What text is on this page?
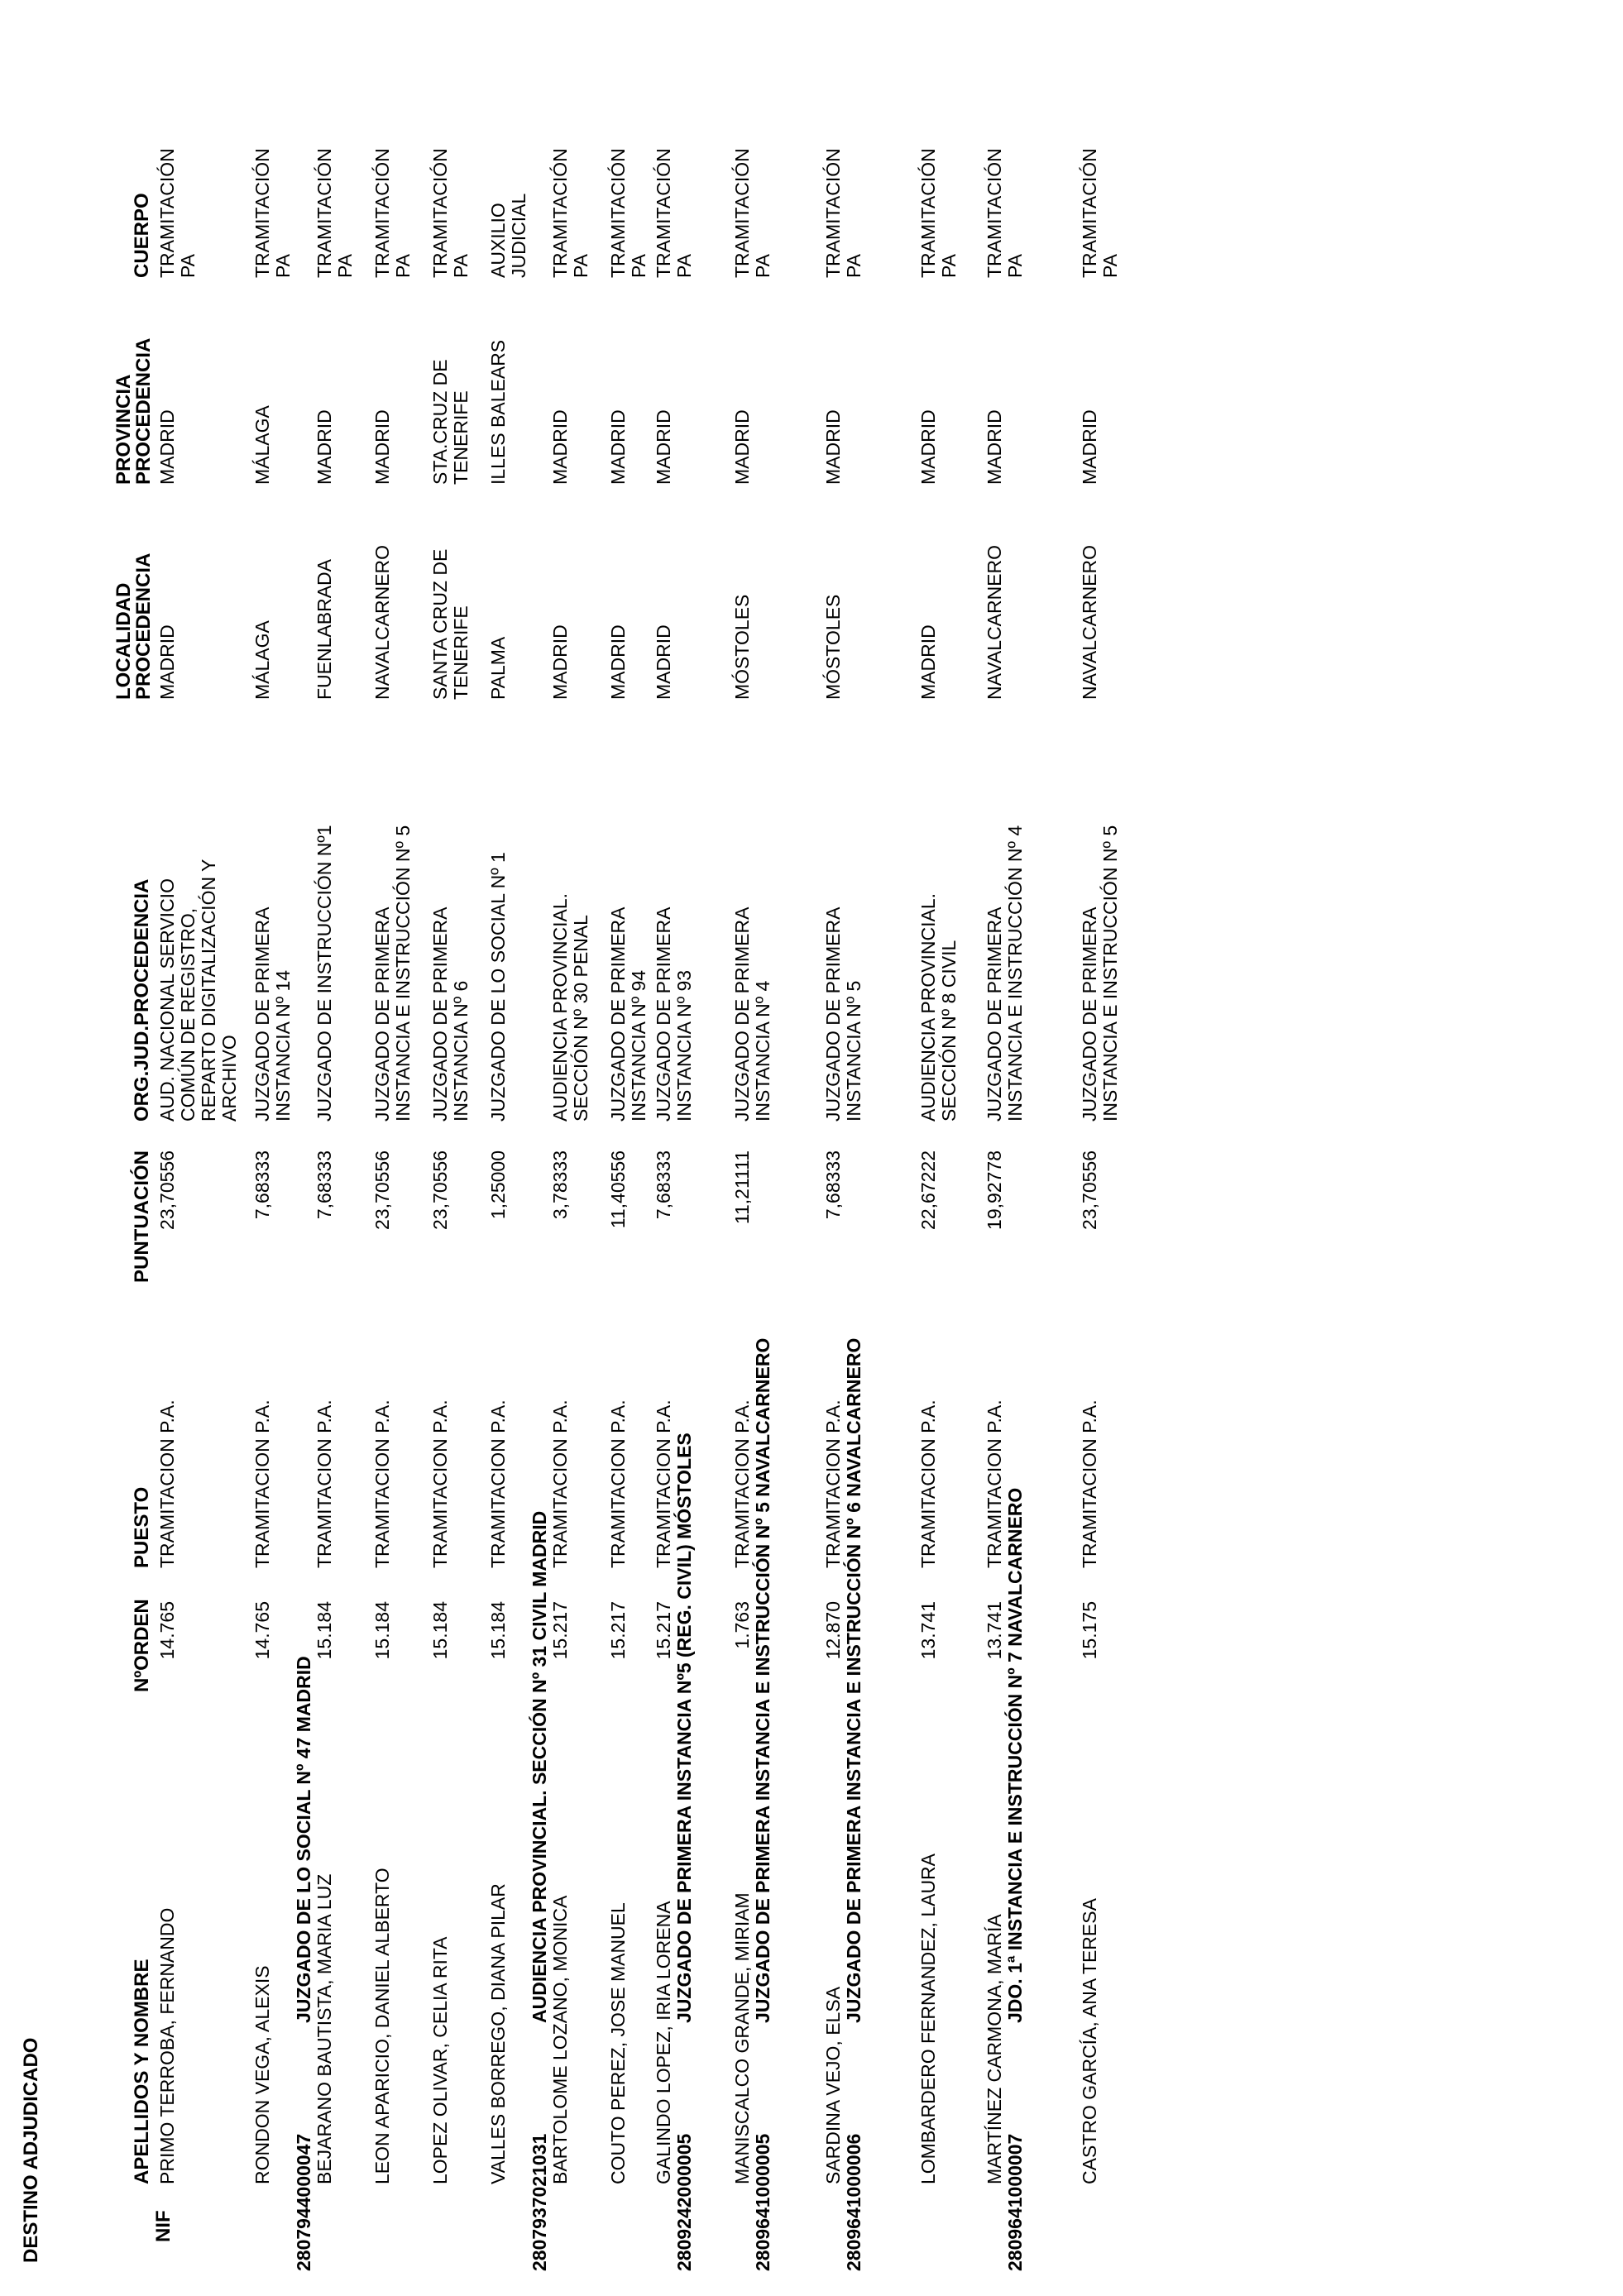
DESTINO ADJUDICADO	NIF
APELLIDOS Y NOMBRE
NºORDEN
PUESTO
PUNTUACIÓN
ORG.JUD.PROCEDENCIA
LOCALIDAD
PROCEDENCIA
PROVINCIA
PROCEDENCIA
CUERPO
PRIMO TERROBA, FERNANDO
14.765
TRAMITACION P.A.
23,70556
AUD. NACIONAL SERVICIO
COMÚN DE REGISTRO,
REPARTO DIGITALIZACIÓN Y
ARCHIVO
MADRID
MADRID
TRAMITACIÓN
PA
RONDON VEGA, ALEXIS
14.765
TRAMITACION P.A.
7,68333
JUZGADO DE PRIMERA
INSTANCIA Nº 14
MÁLAGA
MÁLAGA
TRAMITACIÓN
PA
2807944000047
JUZGADO DE LO SOCIAL Nº 47 MADRID
BEJARANO BAUTISTA, MARIA LUZ
15.184
TRAMITACION P.A.
7,68333
JUZGADO DE INSTRUCCIÓN Nº1
FUENLABRADA
MADRID
TRAMITACIÓN
PA
LEON APARICIO, DANIEL ALBERTO
15.184
TRAMITACION P.A.
23,70556
JUZGADO DE PRIMERA
INSTANCIA E INSTRUCCIÓN Nº 5
NAVALCARNERO
MADRID
TRAMITACIÓN
PA
LOPEZ OLIVAR, CELIA RITA
15.184
TRAMITACION P.A.
23,70556
JUZGADO DE PRIMERA
INSTANCIA Nº 6
SANTA CRUZ DE
TENERIFE
STA.CRUZ DE
TENERIFE
TRAMITACIÓN
PA
VALLES BORREGO, DIANA PILAR
15.184
TRAMITACION P.A.
1,25000
JUZGADO DE LO SOCIAL Nº 1
PALMA
ILLES BALEARS
AUXILIO
JUDICIAL
2807937021031
AUDIENCIA PROVINCIAL. SECCIÓN Nº 31 CIVIL MADRID
BARTOLOME LOZANO, MONICA
15.217
TRAMITACION P.A.
3,78333
AUDIENCIA PROVINCIAL.
SECCIÓN Nº 30 PENAL
MADRID
MADRID
TRAMITACIÓN
PA
COUTO PEREZ, JOSE MANUEL
15.217
TRAMITACION P.A.
11,40556
JUZGADO DE PRIMERA
INSTANCIA Nº 94
MADRID
MADRID
TRAMITACIÓN
PA
GALINDO LOPEZ, IRIA LORENA
15.217
TRAMITACION P.A.
7,68333
JUZGADO DE PRIMERA
INSTANCIA Nº 93
MADRID
MADRID
TRAMITACIÓN
PA
2809242000005
JUZGADO DE PRIMERA INSTANCIA Nº5 (REG. CIVIL) MÓSTOLES
MANISCALCO GRANDE, MIRIAM
1.763
TRAMITACION P.A.
11,21111
JUZGADO DE PRIMERA
INSTANCIA Nº 4
MÓSTOLES
MADRID
TRAMITACIÓN
PA
2809641000005
JUZGADO DE PRIMERA INSTANCIA E INSTRUCCIÓN Nº 5 NAVALCARNERO
SARDINA VEJO, ELSA
12.870
TRAMITACION P.A.
7,68333
JUZGADO DE PRIMERA
INSTANCIA Nº 5
MÓSTOLES
MADRID
TRAMITACIÓN
PA
2809641000006
JUZGADO DE PRIMERA INSTANCIA E INSTRUCCIÓN Nº 6 NAVALCARNERO	LOMBARDERO FERNANDEZ, LAURA
13.741
TRAMITACION P.A.
22,67222
AUDIENCIA PROVINCIAL.
SECCIÓN Nº 8 CIVIL
MADRID
MADRID
TRAMITACIÓN
PA
MARTÍNEZ CARMONA, MARÍA
13.741
TRAMITACION P.A.
19,92778
JUZGADO DE PRIMERA
INSTANCIA E INSTRUCCIÓN Nº 4
NAVALCARNERO
MADRID
TRAMITACIÓN
PA
2809641000007
JDO. 1ª INSTANCIA E INSTRUCCIÓN Nº 7 NAVALCARNERO
CASTRO GARCÍA, ANA TERESA
15.175
TRAMITACION P.A.
23,70556
JUZGADO DE PRIMERA
INSTANCIA E INSTRUCCIÓN Nº 5
NAVALCARNERO
MADRID
TRAMITACIÓN
PA
